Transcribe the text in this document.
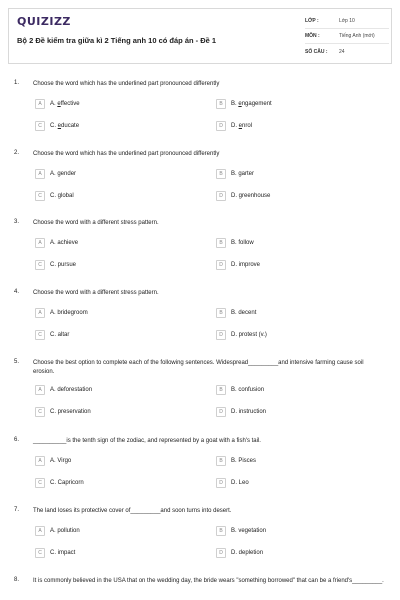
QUIZIZZ
Bộ 2 Đề kiểm tra giữa kì 2 Tiếng anh 10 có đáp án - Đề 1
LỚP :	Lớp 10
MÔN :	Tiếng Anh (mới)
SỐ CÂU :	24
1. Choose the word which has the underlined part pronounced differently
A	A. effective	B	B. engagement
C	C. educate	D	D. enrol
2. Choose the word which has the underlined part pronounced differently
A	A. gender	B	B. garter
C	C. global	D	D. greenhouse
3. Choose the word with a different stress pattern.
A	A. achieve	B	B. follow
C	C. pursue	D	D. improve
4. Choose the word with a different stress pattern.
A	A. bridegroom	B	B. decent
C	C. altar	D	D. protest (v.)
5. Choose the best option to complete each of the following sentences. Widespread_________and intensive farming cause soil erosion.
A	A. deforestation	B	B. confusion
C	C. preservation	D	D. instruction
6. __________is the tenth sign of the zodiac, and represented by a goat with a fish's tail.
A	A. Virgo	B	B. Pisces
C	C. Capricorn	D	D. Leo
7. The land loses its protective cover of_________and soon turns into desert.
A	A. pollution	B	B. vegetation
C	C. impact	D	D. depletion
8. It is commonly believed in the USA that on the wedding day, the bride wears "something borrowed" that can be a friend's_________.
